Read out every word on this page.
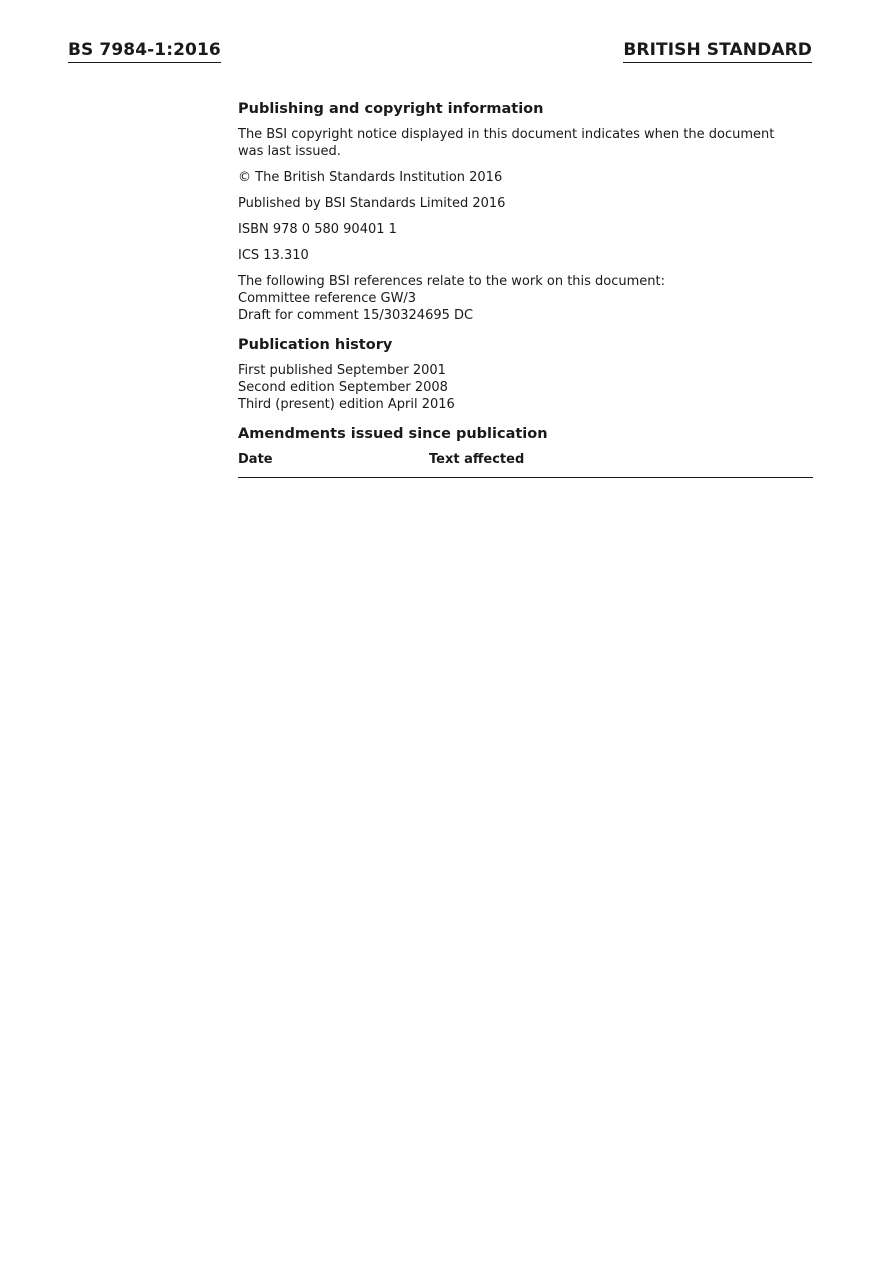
BS 7984-1:2016	BRITISH STANDARD
Publishing and copyright information
The BSI copyright notice displayed in this document indicates when the document
was last issued.
© The British Standards Institution 2016
Published by BSI Standards Limited 2016
ISBN 978 0 580 90401 1
ICS 13.310
The following BSI references relate to the work on this document:
Committee reference GW/3
Draft for comment 15/30324695 DC
Publication history
First published September 2001
Second edition September 2008
Third (present) edition April 2016
Amendments issued since publication
Date	Text affected
